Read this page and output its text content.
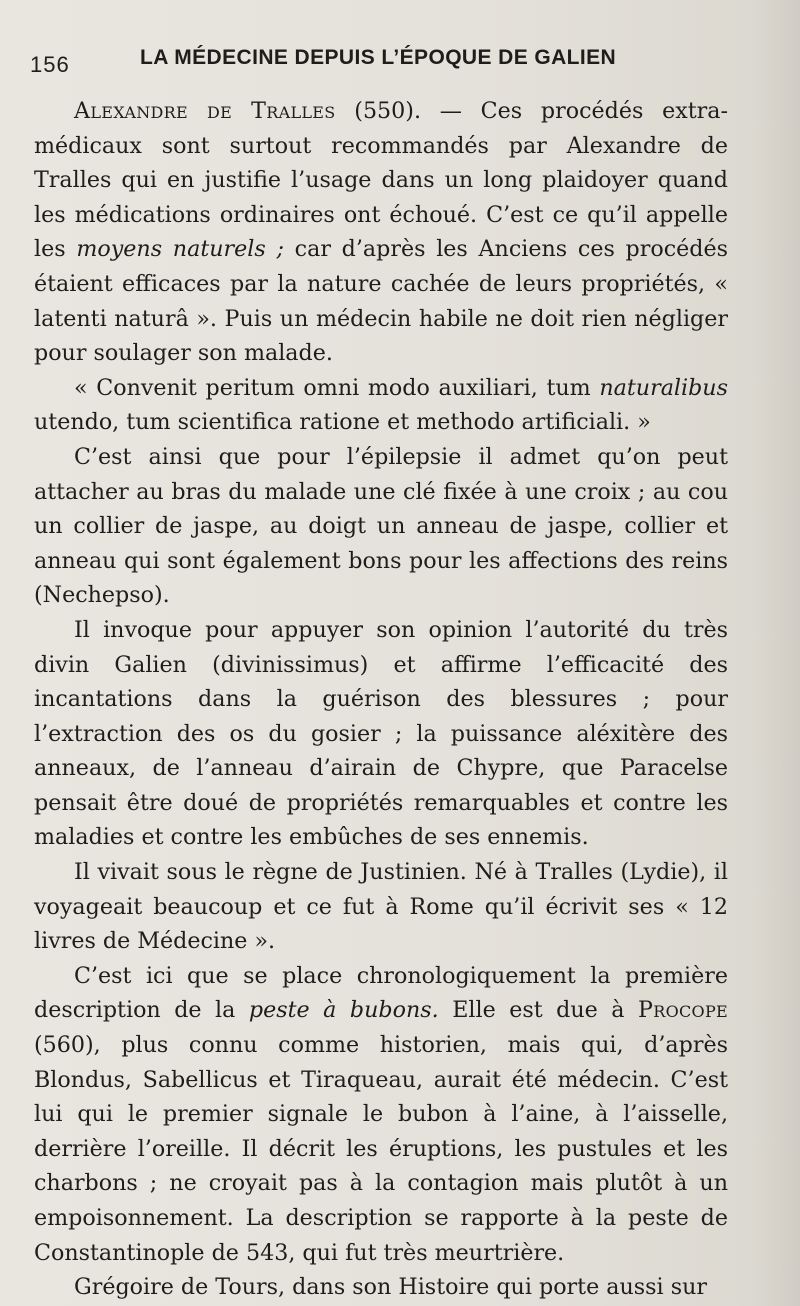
156	LA MÉDECINE DEPUIS L’ÉPOQUE DE GALIEN

Alexandre de Tralles (550). — Ces procédés extra-médicaux sont surtout recommandés par Alexandre de Tralles qui en justifie l’usage dans un long plaidoyer quand les médications ordinaires ont échoué. C’est ce qu’il appelle les moyens naturels ; car d’après les Anciens ces procédés étaient efficaces par la nature cachée de leurs propriétés, « latenti naturâ ». Puis un médecin habile ne doit rien négliger pour soulager son malade.

« Convenit peritum omni modo auxiliari, tum naturalibus utendo, tum scientifica ratione et methodo artificiali. »

C’est ainsi que pour l’épilepsie il admet qu’on peut attacher au bras du malade une clé fixée à une croix ; au cou un collier de jaspe, au doigt un anneau de jaspe, collier et anneau qui sont également bons pour les affections des reins (Nechepso).

Il invoque pour appuyer son opinion l’autorité du très divin Galien (divinissimus) et affirme l’efficacité des incantations dans la guérison des blessures ; pour l’extraction des os du gosier ; la puissance aléxitère des anneaux, de l’anneau d’airain de Chypre, que Paracelse pensait être doué de propriétés remarquables et contre les maladies et contre les embûches de ses ennemis.

Il vivait sous le règne de Justinien. Né à Tralles (Lydie), il voyageait beaucoup et ce fut à Rome qu’il écrivit ses « 12 livres de Médecine ».

C’est ici que se place chronologiquement la première description de la peste à bubons. Elle est due à Procope (560), plus connu comme historien, mais qui, d’après Blondus, Sabellicus et Tiraqueau, aurait été médecin. C’est lui qui le premier signale le bubon à l’aine, à l’aisselle, derrière l’oreille. Il décrit les éruptions, les pustules et les charbons ; ne croyait pas à la contagion mais plutôt à un empoisonnement. La description se rapporte à la peste de Constantinople de 543, qui fut très meurtrière.

Grégoire de Tours, dans son Histoire qui porte aussi sur
